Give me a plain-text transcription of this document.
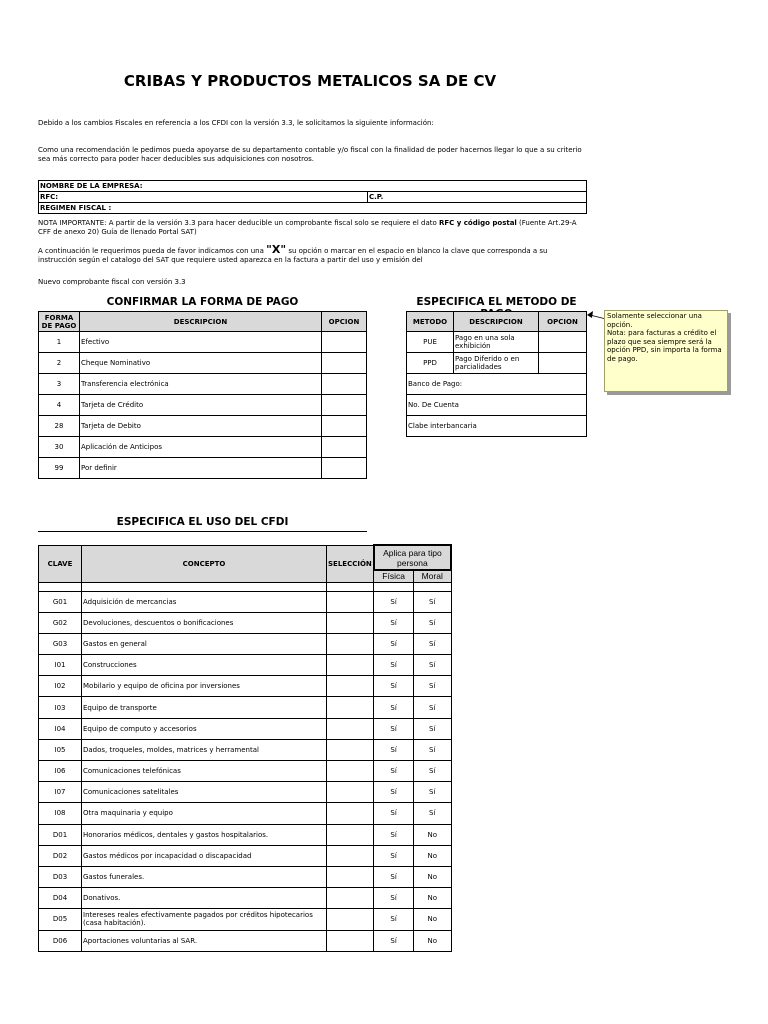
CRIBAS Y PRODUCTOS METALICOS SA DE CV
Debido a los cambios Fiscales en referencia a los CFDI con la versión 3.3, le solicitamos la siguiente información:
Como una recomendación le pedimos pueda apoyarse de su departamento contable y/o fiscal con la finalidad de poder hacernos llegar lo que a su criterio sea más correcto para poder hacer deducibles sus adquisiciones con nosotros.
NOMBRE DE LA EMPRESA:
RFC:	C.P.
REGIMEN FISCAL :
NOTA IMPORTANTE: A partir de la versión 3.3 para hacer deducible un comprobante fiscal solo se requiere el dato RFC y código postal (Fuente Art.29-A CFF de anexo 20) Guía de llenado Portal SAT)
A continuación le requerimos pueda de favor indicamos con una "X" su opción o marcar en el espacio en blanco la clave que corresponda a su instrucción según el catalogo del SAT que requiere usted aparezca en la factura a partir del uso y emisión del
Nuevo comprobante fiscal con versión 3.3
CONFIRMAR LA FORMA DE PAGO
FORMA DE PAGO	DESCRIPCION	OPCION
1	Efectivo	
2	Cheque Nominativo	
3	Transferencia electrónica	
4	Tarjeta de Crédito	
28	Tarjeta de Debito	
30	Aplicación de Anticipos	
99	Por definir	
ESPECIFICA EL METODO DE
METODO	DESCRIPCION	OPCION
PUE	Pago en una sola exhibición	
PPD	Pago Diferido o en parcialidades	
Banco de Pago:		
No. De Cuenta		
Clabe interbancaria		
Solamente seleccionar una opción.
Nota: para facturas a crédito el plazo que sea siempre será la opción PPD, sin importa la forma de pago.
ESPECIFICA EL USO DEL CFDI
CLAVE	CONCEPTO	SELECCIÓN	Aplica para tipo persona	
			Física	Moral

G01	Adquisición de mercancias		Sí	Sí
G02	Devoluciones, descuentos o bonificaciones		Sí	Sí
G03	Gastos en general		Sí	Sí
I01	Construcciones		Sí	Sí
I02	Mobilario y equipo de oficina por inversiones		Sí	Sí
I03	Equipo de transporte		Sí	Sí
I04	Equipo de computo y accesorios		Sí	Sí
I05	Dados, troqueles, moldes, matrices y herramental		Sí	Sí
I06	Comunicaciones telefónicas		Sí	Sí
I07	Comunicaciones satelitales		Sí	Sí
I08	Otra maquinaria y equipo		Sí	Sí
D01	Honorarios médicos, dentales y gastos hospitalarios.		Sí	No
D02	Gastos médicos por incapacidad o discapacidad		Sí	No
D03	Gastos funerales.		Sí	No
D04	Donativos.		Sí	No
D05	Intereses reales efectivamente pagados por créditos hipotecarios (casa habitación).		Sí	No
D06	Aportaciones voluntarias al SAR.		Sí	No
